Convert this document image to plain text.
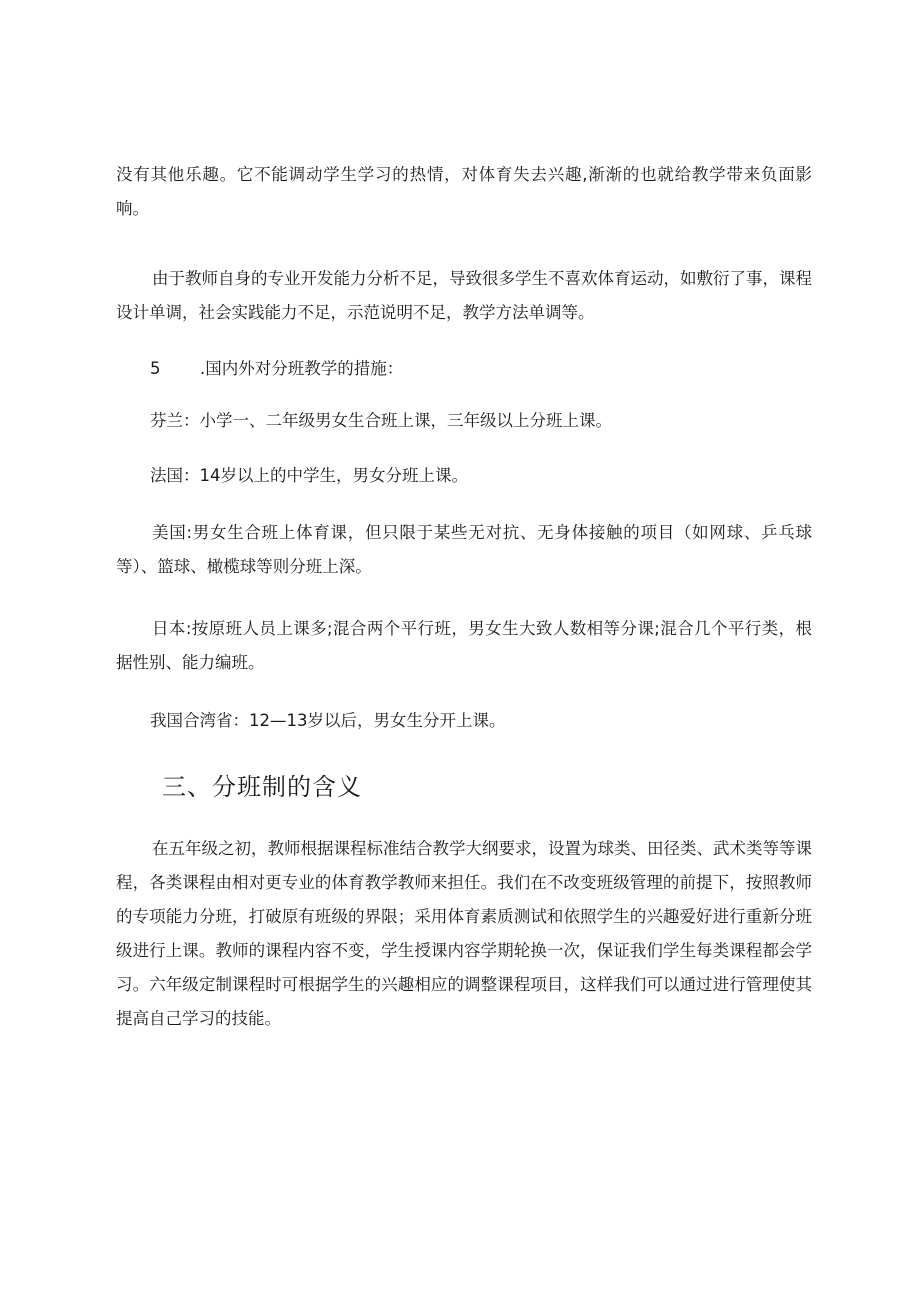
没有其他乐趣。它不能调动学生学习的热情，对体育失去兴趣,渐渐的也就给教学带来负面影响。

由于教师自身的专业开发能力分析不足，导致很多学生不喜欢体育运动，如敷衍了事，课程设计单调，社会实践能力不足，示范说明不足，教学方法单调等。

5 .国内外对分班教学的措施：

芬兰：小学一、二年级男女生合班上课，三年级以上分班上课。

法国：14岁以上的中学生，男女分班上课。

美国:男女生合班上体育课，但只限于某些无对抗、无身体接触的项目（如网球、乒乓球等）、篮球、橄榄球等则分班上深。

日本:按原班人员上课多;混合两个平行班，男女生大致人数相等分课;混合几个平行类，根据性别、能力编班。

我国合湾省：12—13岁以后，男女生分开上课。

三、分班制的含义

在五年级之初，教师根据课程标准结合教学大纲要求，设置为球类、田径类、武术类等等课程，各类课程由相对更专业的体育教学教师来担任。我们在不改变班级管理的前提下，按照教师的专项能力分班，打破原有班级的界限；采用体育素质测试和依照学生的兴趣爱好进行重新分班级进行上课。教师的课程内容不变，学生授课内容学期轮换一次，保证我们学生每类课程都会学习。六年级定制课程时可根据学生的兴趣相应的调整课程项目，这样我们可以通过进行管理使其提高自己学习的技能。
